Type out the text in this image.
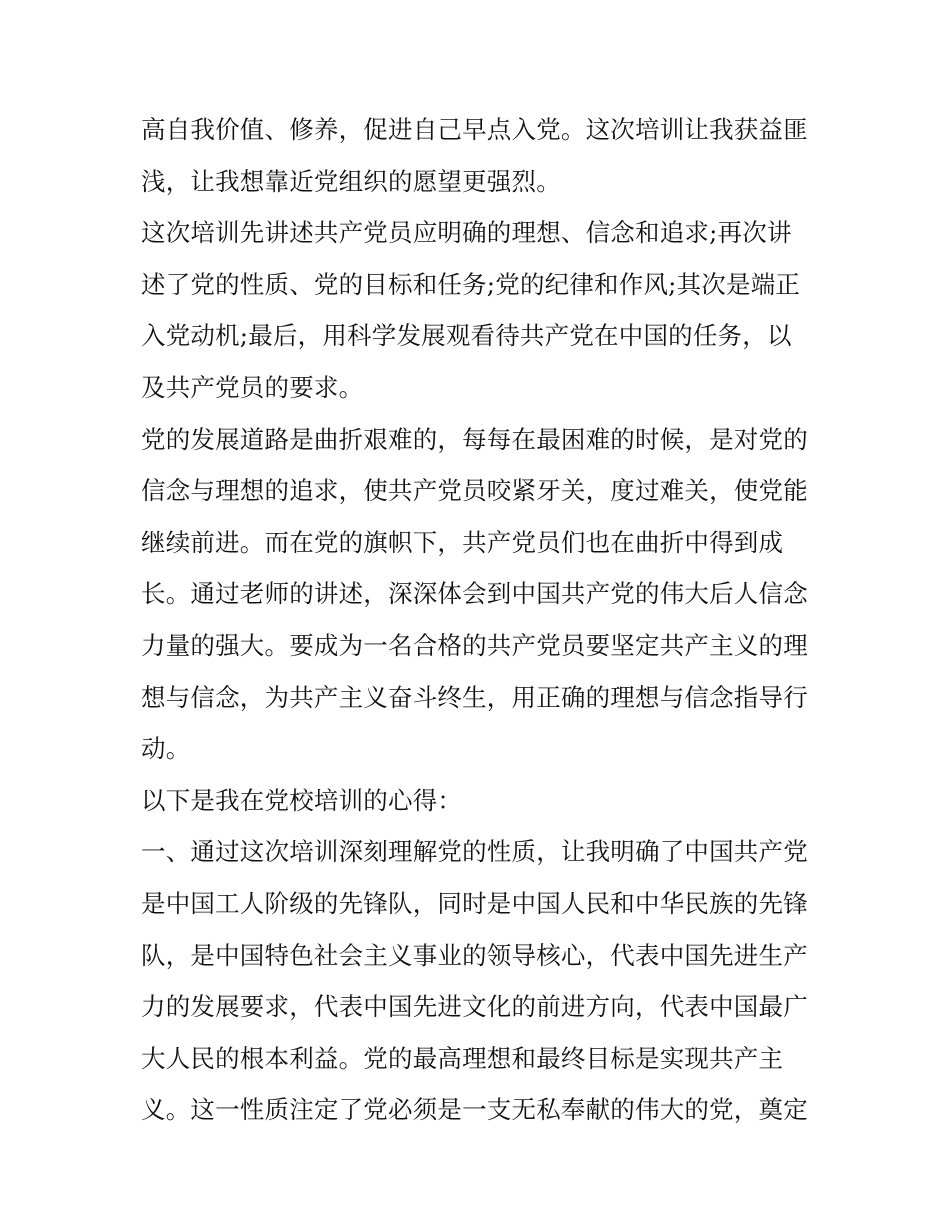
高自我价值、修养，促进自己早点入党。这次培训让我获益匪
浅，让我想靠近党组织的愿望更强烈。

这次培训先讲述共产党员应明确的理想、信念和追求;再次讲
述了党的性质、党的目标和任务;党的纪律和作风;其次是端正
入党动机;最后，用科学发展观看待共产党在中国的任务，以
及共产党员的要求。

党的发展道路是曲折艰难的，每每在最困难的时候，是对党的
信念与理想的追求，使共产党员咬紧牙关，度过难关，使党能
继续前进。而在党的旗帜下，共产党员们也在曲折中得到成
长。通过老师的讲述，深深体会到中国共产党的伟大后人信念
力量的强大。要成为一名合格的共产党员要坚定共产主义的理
想与信念，为共产主义奋斗终生，用正确的理想与信念指导行
动。

以下是我在党校培训的心得：

一、通过这次培训深刻理解党的性质，让我明确了中国共产党
是中国工人阶级的先锋队，同时是中国人民和中华民族的先锋
队，是中国特色社会主义事业的领导核心，代表中国先进生产
力的发展要求，代表中国先进文化的前进方向，代表中国最广
大人民的根本利益。党的最高理想和最终目标是实现共产主
义。这一性质注定了党必须是一支无私奉献的伟大的党，奠定
